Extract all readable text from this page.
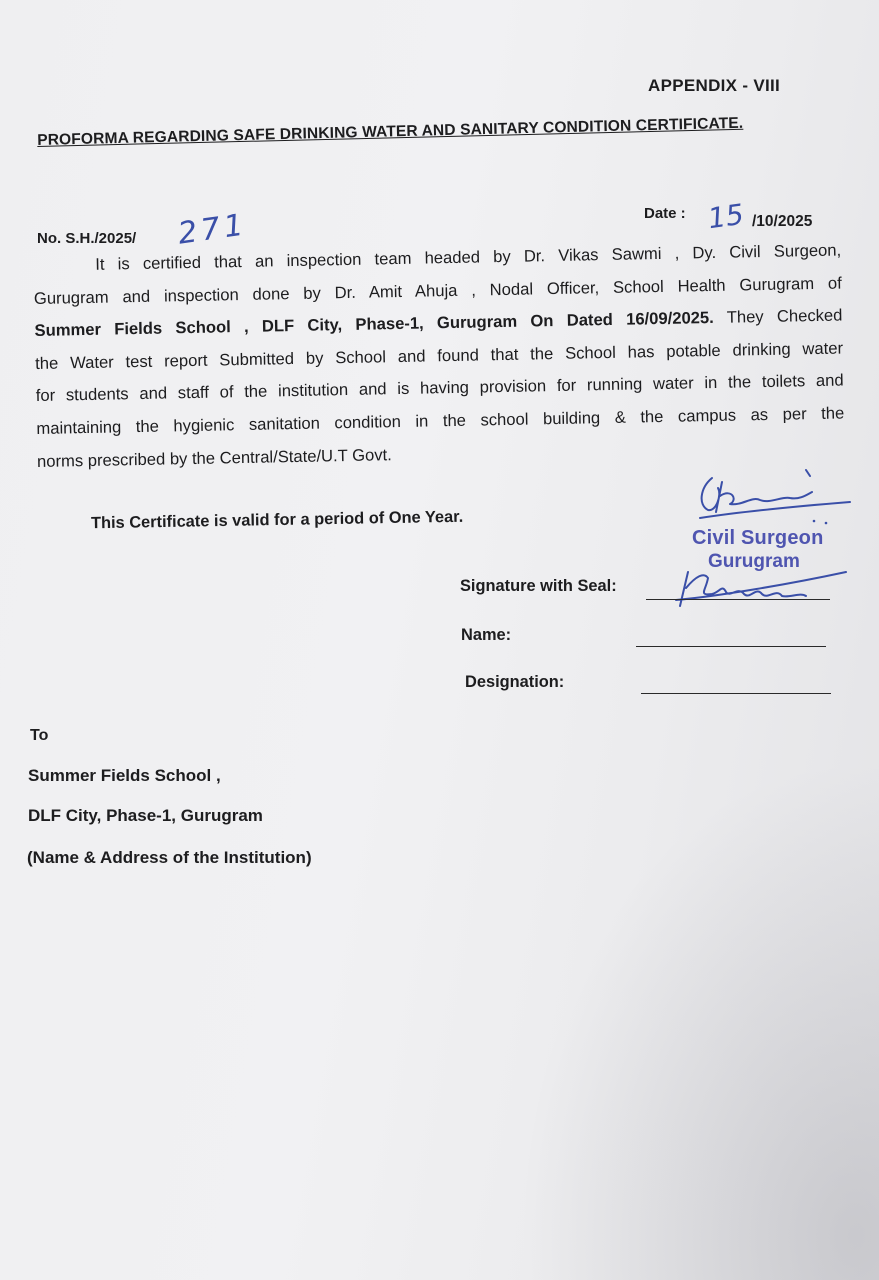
APPENDIX - VIII
PROFORMA REGARDING SAFE DRINKING WATER AND SANITARY CONDITION CERTIFICATE.
No. S.H./2025/ 271	Date : 15 /10/2025
It is certified that an inspection team headed by Dr. Vikas Sawmi , Dy. Civil Surgeon,
Gurugram and inspection done by Dr. Amit Ahuja , Nodal Officer, School Health Gurugram of
Summer Fields School , DLF City, Phase-1, Gurugram On Dated 16/09/2025. They Checked
the Water test report Submitted by School and found that the School has potable drinking water
for students and staff of the institution and is having provision for running water in the toilets and
maintaining the hygienic sanitation condition in the school building & the campus as per the
norms prescribed by the Central/State/U.T Govt.
This Certificate is valid for a period of One Year.
Civil Surgeon
Gurugram
Signature with Seal:
Name:
Designation:
To
Summer Fields School ,
DLF City, Phase-1, Gurugram
(Name & Address of the Institution)
